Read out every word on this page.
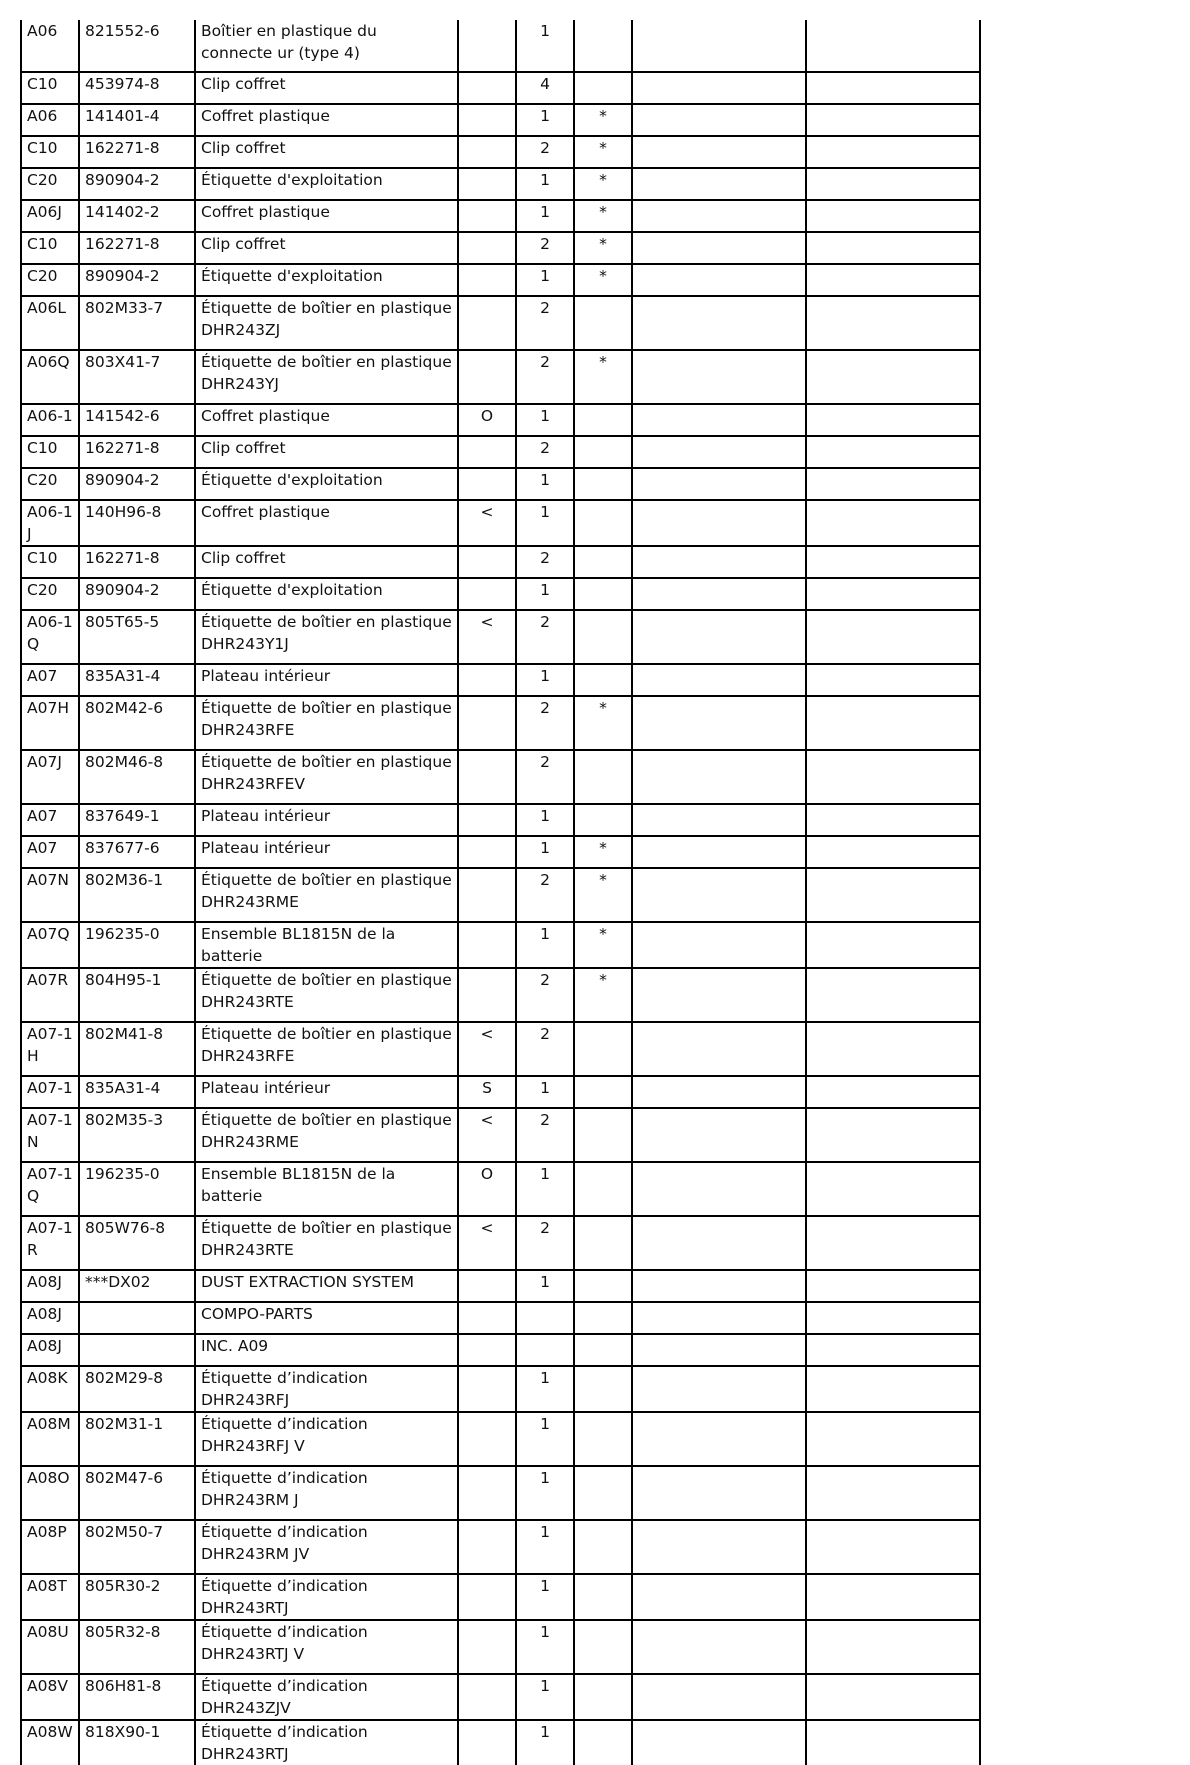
A06	821552-6	Boîtier en plastique du connecte ur (type 4)		1			
C10	453974-8	Clip coffret		4			
A06	141401-4	Coffret plastique		1	*		
C10	162271-8	Clip coffret		2	*		
C20	890904-2	Étiquette d'exploitation		1	*		
A06J	141402-2	Coffret plastique		1	*		
C10	162271-8	Clip coffret		2	*		
C20	890904-2	Étiquette d'exploitation		1	*		
A06L	802M33-7	Étiquette de boîtier en plastique DHR243ZJ		2			
A06Q	803X41-7	Étiquette de boîtier en plastique DHR243YJ		2	*		
A06-1	141542-6	Coffret plastique	O	1			
C10	162271-8	Clip coffret		2			
C20	890904-2	Étiquette d'exploitation		1			
A06-1J	140H96-8	Coffret plastique	<	1			
C10	162271-8	Clip coffret		2			
C20	890904-2	Étiquette d'exploitation		1			
A06-1Q	805T65-5	Étiquette de boîtier en plastique DHR243Y1J	<	2			
A07	835A31-4	Plateau intérieur		1			
A07H	802M42-6	Étiquette de boîtier en plastique DHR243RFE		2	*		
A07J	802M46-8	Étiquette de boîtier en plastique DHR243RFEV		2			
A07	837649-1	Plateau intérieur		1			
A07	837677-6	Plateau intérieur		1	*		
A07N	802M36-1	Étiquette de boîtier en plastique DHR243RME		2	*		
A07Q	196235-0	Ensemble BL1815N de la batterie		1	*		
A07R	804H95-1	Étiquette de boîtier en plastique DHR243RTE		2	*		
A07-1H	802M41-8	Étiquette de boîtier en plastique DHR243RFE	<	2			
A07-1	835A31-4	Plateau intérieur	S	1			
A07-1N	802M35-3	Étiquette de boîtier en plastique DHR243RME	<	2			
A07-1Q	196235-0	Ensemble BL1815N de la batterie	O	1			
A07-1R	805W76-8	Étiquette de boîtier en plastique DHR243RTE	<	2			
A08J	***DX02	DUST EXTRACTION SYSTEM		1			
A08J		COMPO-PARTS					
A08J		INC. A09					
A08K	802M29-8	Étiquette d’indication DHR243RFJ		1			
A08M	802M31-1	Étiquette d’indication DHR243RFJ V		1			
A08O	802M47-6	Étiquette d’indication DHR243RM J		1			
A08P	802M50-7	Étiquette d’indication DHR243RM JV		1			
A08T	805R30-2	Étiquette d’indication DHR243RTJ		1			
A08U	805R32-8	Étiquette d’indication DHR243RTJ V		1			
A08V	806H81-8	Étiquette d’indication DHR243ZJV		1			
A08W	818X90-1	Étiquette d’indication DHR243RTJ		1			
